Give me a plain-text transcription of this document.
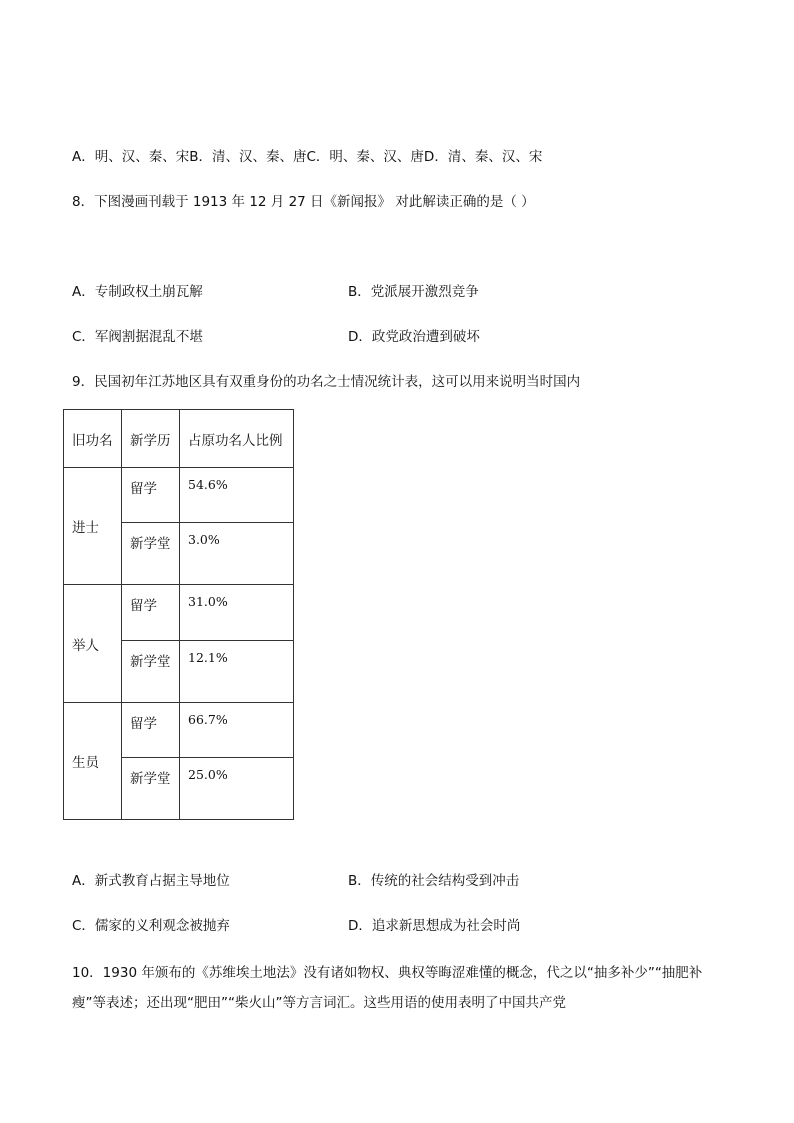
A．明、汉、秦、宋B．清、汉、秦、唐C．明、秦、汉、唐D．清、秦、汉、宋
8．下图漫画刊载于 1913 年 12 月 27 日《新闻报》 对此解读正确的是（ ）
A．专制政权土崩瓦解	B．党派展开激烈竞争
C．军阀割据混乱不堪	D．政党政治遭到破坏
9．民国初年江苏地区具有双重身份的功名之士情况统计表，这可以用来说明当时国内
旧功名	新学历	占原功名人比例
进士	留学	54.6%
	新学堂	3.0%
举人	留学	31.0%
	新学堂	12.1%
生员	留学	66.7%
	新学堂	25.0%
A．新式教育占据主导地位	B．传统的社会结构受到冲击
C．儒家的义利观念被抛弃	D．追求新思想成为社会时尚
10．1930 年颁布的《苏维埃土地法》没有诸如物权、典权等晦涩难懂的概念，代之以“抽多补少”“抽肥补瘦”等表述；还出现“肥田”“柴火山”等方言词汇。这些用语的使用表明了中国共产党
